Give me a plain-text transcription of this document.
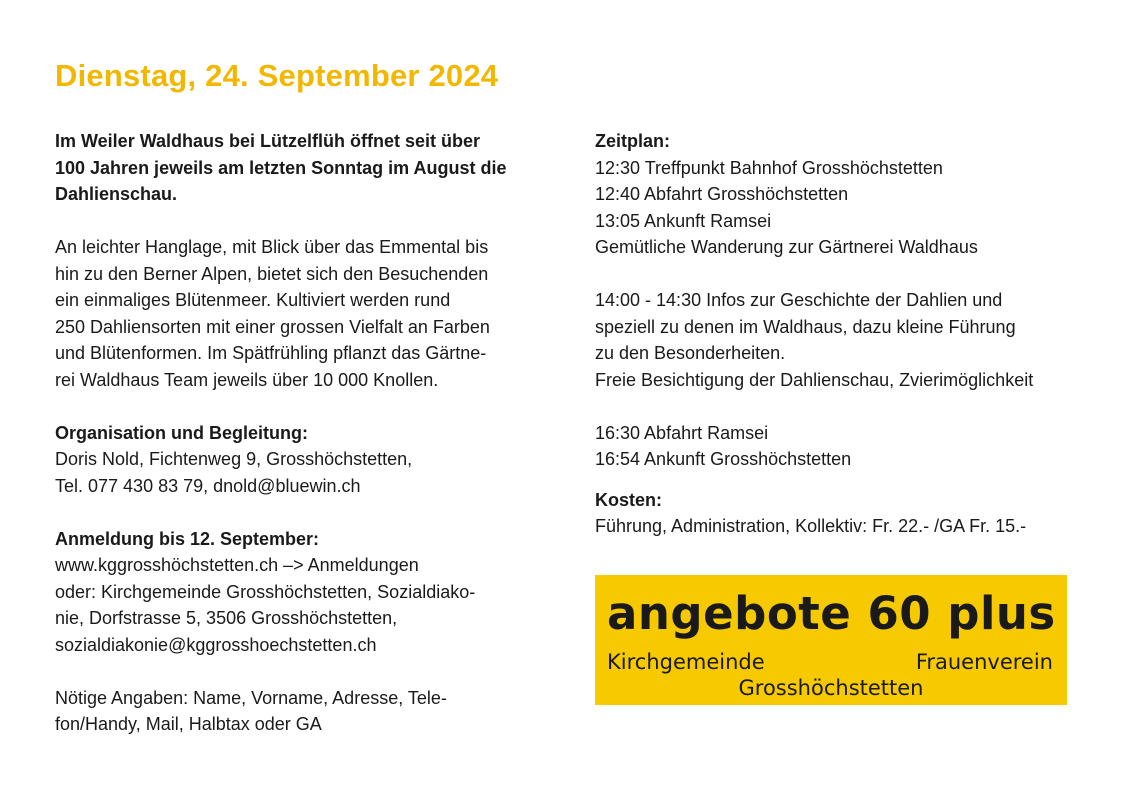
Dienstag, 24. September 2024

Im Weiler Waldhaus bei Lützelflüh öffnet seit über
100 Jahren jeweils am letzten Sonntag im August die
Dahlienschau.

An leichter Hanglage, mit Blick über das Emmental bis
hin zu den Berner Alpen, bietet sich den Besuchenden
ein einmaliges Blütenmeer. Kultiviert werden rund
250 Dahliensorten mit einer grossen Vielfalt an Farben
und Blütenformen. Im Spätfrühling pflanzt das Gärtne-
rei Waldhaus Team jeweils über 10 000 Knollen.

Organisation und Begleitung:
Doris Nold, Fichtenweg 9, Grosshöchstetten,
Tel. 077 430 83 79, dnold@bluewin.ch

Anmeldung bis 12. September:
www.kggrosshöchstetten.ch –> Anmeldungen
oder: Kirchgemeinde Grosshöchstetten, Sozialdiako-
nie, Dorfstrasse 5, 3506 Grosshöchstetten,
sozialdiakonie@kggrosshoechstetten.ch

Nötige Angaben: Name, Vorname, Adresse, Tele-
fon/Handy, Mail, Halbtax oder GA

Zeitplan:
12:30 Treffpunkt Bahnhof Grosshöchstetten
12:40 Abfahrt Grosshöchstetten
13:05 Ankunft Ramsei
Gemütliche Wanderung zur Gärtnerei Waldhaus

14:00 - 14:30 Infos zur Geschichte der Dahlien und
speziell zu denen im Waldhaus, dazu kleine Führung
zu den Besonderheiten.
Freie Besichtigung der Dahlienschau, Zvierimöglichkeit

16:30 Abfahrt Ramsei
16:54 Ankunft Grosshöchstetten

Kosten:
Führung, Administration, Kollektiv: Fr. 22.- /GA Fr. 15.-

angebote 60 plus
Kirchgemeinde	Frauenverein
Grosshöchstetten
